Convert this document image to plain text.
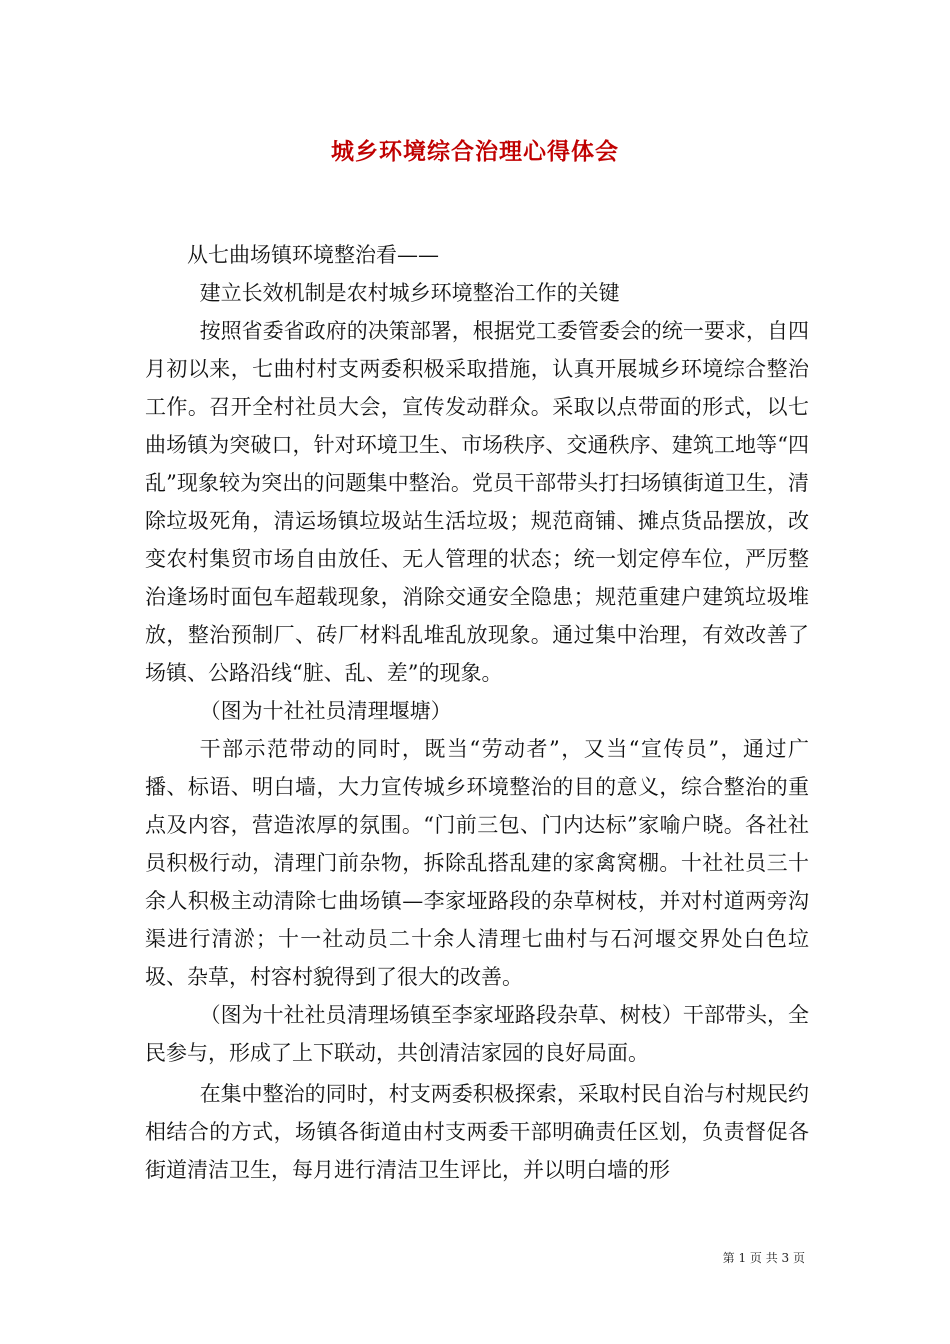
城乡环境综合治理心得体会

从七曲场镇环境整治看——

建立长效机制是农村城乡环境整治工作的关键

按照省委省政府的决策部署，根据党工委管委会的统一要求，自四月初以来，七曲村村支两委积极采取措施，认真开展城乡环境综合整治工作。召开全村社员大会，宣传发动群众。采取以点带面的形式，以七曲场镇为突破口，针对环境卫生、市场秩序、交通秩序、建筑工地等“四乱”现象较为突出的问题集中整治。党员干部带头打扫场镇街道卫生，清除垃圾死角，清运场镇垃圾站生活垃圾；规范商铺、摊点货品摆放，改变农村集贸市场自由放任、无人管理的状态；统一划定停车位，严厉整治逢场时面包车超载现象，消除交通安全隐患；规范重建户建筑垃圾堆放，整治预制厂、砖厂材料乱堆乱放现象。通过集中治理，有效改善了场镇、公路沿线“脏、乱、差”的现象。

（图为十社社员清理堰塘）

干部示范带动的同时，既当“劳动者”，又当“宣传员”，通过广播、标语、明白墙，大力宣传城乡环境整治的目的意义，综合整治的重点及内容，营造浓厚的氛围。“门前三包、门内达标”家喻户晓。各社社员积极行动，清理门前杂物，拆除乱搭乱建的家禽窝棚。十社社员三十余人积极主动清除七曲场镇—李家垭路段的杂草树枝，并对村道两旁沟渠进行清淤；十一社动员二十余人清理七曲村与石河堰交界处白色垃圾、杂草，村容村貌得到了很大的改善。

（图为十社社员清理场镇至李家垭路段杂草、树枝）干部带头，全民参与，形成了上下联动，共创清洁家园的良好局面。

在集中整治的同时，村支两委积极探索，采取村民自治与村规民约相结合的方式，场镇各街道由村支两委干部明确责任区划，负责督促各街道清洁卫生，每月进行清洁卫生评比，并以明白墙的形

第 1 页 共 3 页
